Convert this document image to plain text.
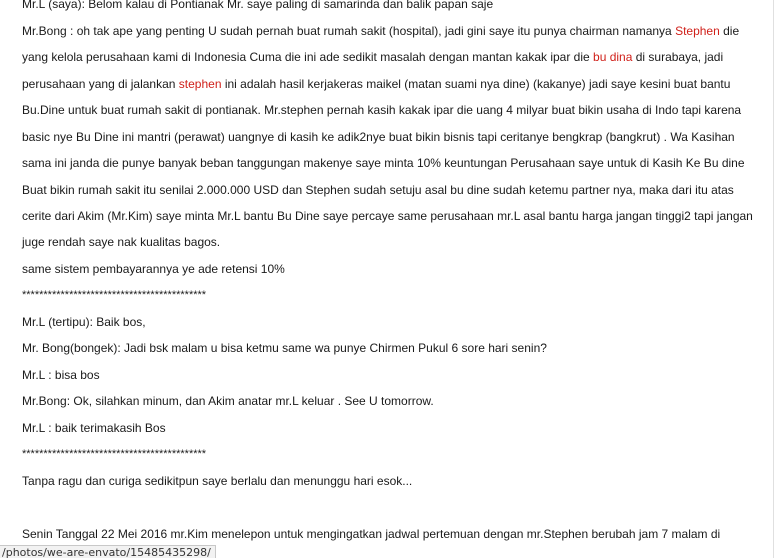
Mr.L (saya): Belom kalau di Pontianak Mr. saye paling di samarinda dan balik papan saje
Mr.Bong : oh tak ape yang penting U sudah pernah buat rumah sakit (hospital), jadi gini saye itu punya chairman namanya Stephen die
yang kelola perusahaan kami di Indonesia Cuma die ini ade sedikit masalah dengan mantan kakak ipar die bu dina di surabaya, jadi
perusahaan yang di jalankan stephen ini adalah hasil kerjakeras maikel (matan suami nya dine) (kakanye) jadi saye kesini buat bantu
Bu.Dine untuk buat rumah sakit di pontianak. Mr.stephen pernah kasih kakak ipar die uang 4 milyar buat bikin usaha di Indo tapi karena
basic nye Bu Dine ini mantri (perawat) uangnye di kasih ke adik2nye buat bikin bisnis tapi ceritanye bengkrap (bangkrut) . Wa Kasihan
sama ini janda die punye banyak beban tanggungan makenye saye minta 10% keuntungan Perusahaan saye untuk di Kasih Ke Bu dine
Buat bikin rumah sakit itu senilai 2.000.000 USD dan Stephen sudah setuju asal bu dine sudah ketemu partner nya, maka dari itu atas
cerite dari Akim (Mr.Kim) saye minta Mr.L bantu Bu Dine saye percaye same perusahaan mr.L asal bantu harga jangan tinggi2 tapi jangan
juge rendah saye nak kualitas bagos.
same sistem pembayarannya ye ade retensi 10%
*******************************************
Mr.L (tertipu): Baik bos,
Mr. Bong(bongek): Jadi bsk malam u bisa ketmu same wa punye Chirmen Pukul 6 sore hari senin?
Mr.L : bisa bos
Mr.Bong: Ok, silahkan minum, dan Akim anatar mr.L keluar . See U tomorrow.
Mr.L : baik terimakasih Bos
*******************************************
Tanpa ragu dan curiga sedikitpun saye berlalu dan menunggu hari esok...
Senin Tanggal 22 Mei 2016 mr.Kim menelepon untuk mengingatkan jadwal pertemuan dengan mr.Stephen berubah jam 7 malam di
/photos/we-are-envato/15485435298/
